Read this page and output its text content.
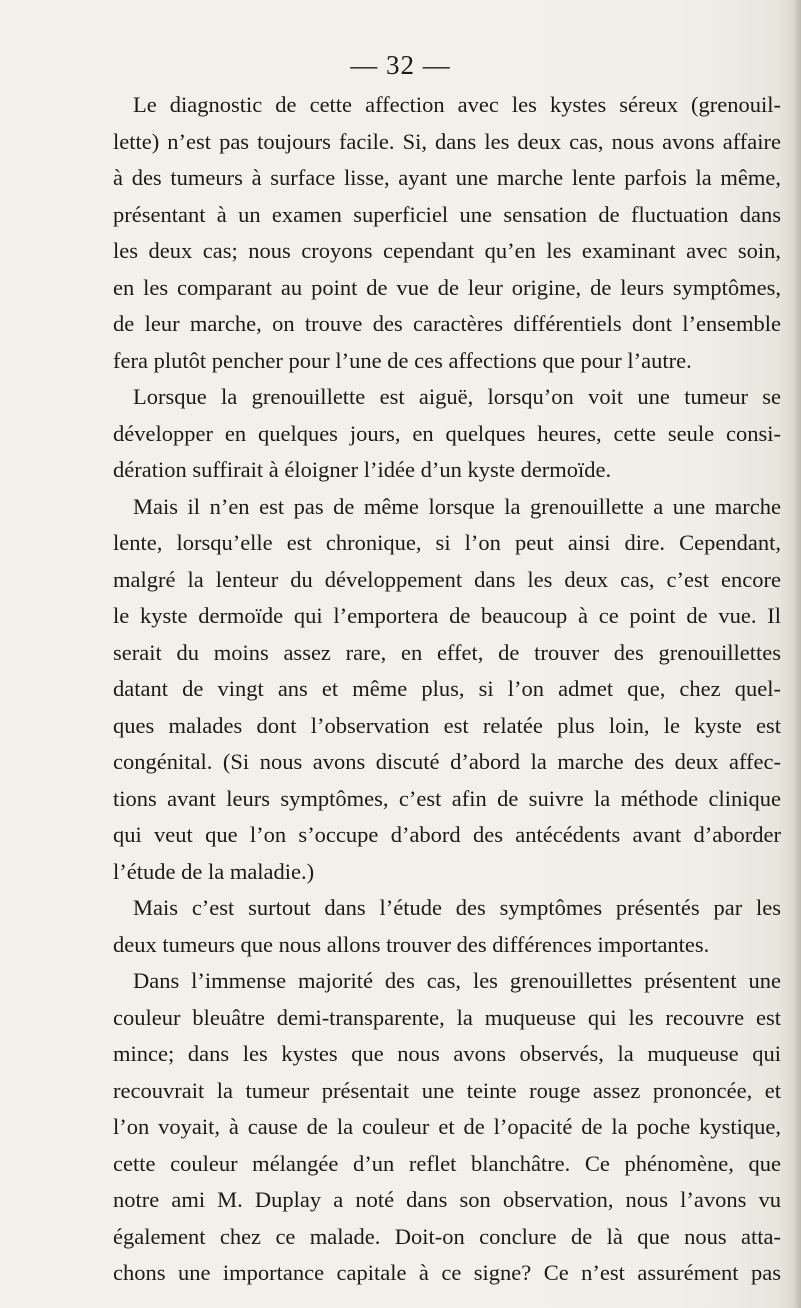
— 32 —
Le diagnostic de cette affection avec les kystes séreux (grenouil-
lette) n’est pas toujours facile. Si, dans les deux cas, nous avons affaire
à des tumeurs à surface lisse, ayant une marche lente parfois la même,
présentant à un examen superficiel une sensation de fluctuation dans
les deux cas; nous croyons cependant qu’en les examinant avec soin,
en les comparant au point de vue de leur origine, de leurs symptômes,
de leur marche, on trouve des caractères différentiels dont l’ensemble
fera plutôt pencher pour l’une de ces affections que pour l’autre.
Lorsque la grenouillette est aiguë, lorsqu’on voit une tumeur se
développer en quelques jours, en quelques heures, cette seule consi-
dération suffirait à éloigner l’idée d’un kyste dermoïde.
Mais il n’en est pas de même lorsque la grenouillette a une marche
lente, lorsqu’elle est chronique, si l’on peut ainsi dire. Cependant,
malgré la lenteur du développement dans les deux cas, c’est encore
le kyste dermoïde qui l’emportera de beaucoup à ce point de vue. Il
serait du moins assez rare, en effet, de trouver des grenouillettes
datant de vingt ans et même plus, si l’on admet que, chez quel-
ques malades dont l’observation est relatée plus loin, le kyste est
congénital. (Si nous avons discuté d’abord la marche des deux affec-
tions avant leurs symptômes, c’est afin de suivre la méthode clinique
qui veut que l’on s’occupe d’abord des antécédents avant d’aborder
l’étude de la maladie.)
Mais c’est surtout dans l’étude des symptômes présentés par les
deux tumeurs que nous allons trouver des différences importantes.
Dans l’immense majorité des cas, les grenouillettes présentent une
couleur bleuâtre demi-transparente, la muqueuse qui les recouvre est
mince; dans les kystes que nous avons observés, la muqueuse qui
recouvrait la tumeur présentait une teinte rouge assez prononcée, et
l’on voyait, à cause de la couleur et de l’opacité de la poche kystique,
cette couleur mélangée d’un reflet blanchâtre. Ce phénomène, que
notre ami M. Duplay a noté dans son observation, nous l’avons vu
également chez ce malade. Doit-on conclure de là que nous atta-
chons une importance capitale à ce signe? Ce n’est assurément pas
